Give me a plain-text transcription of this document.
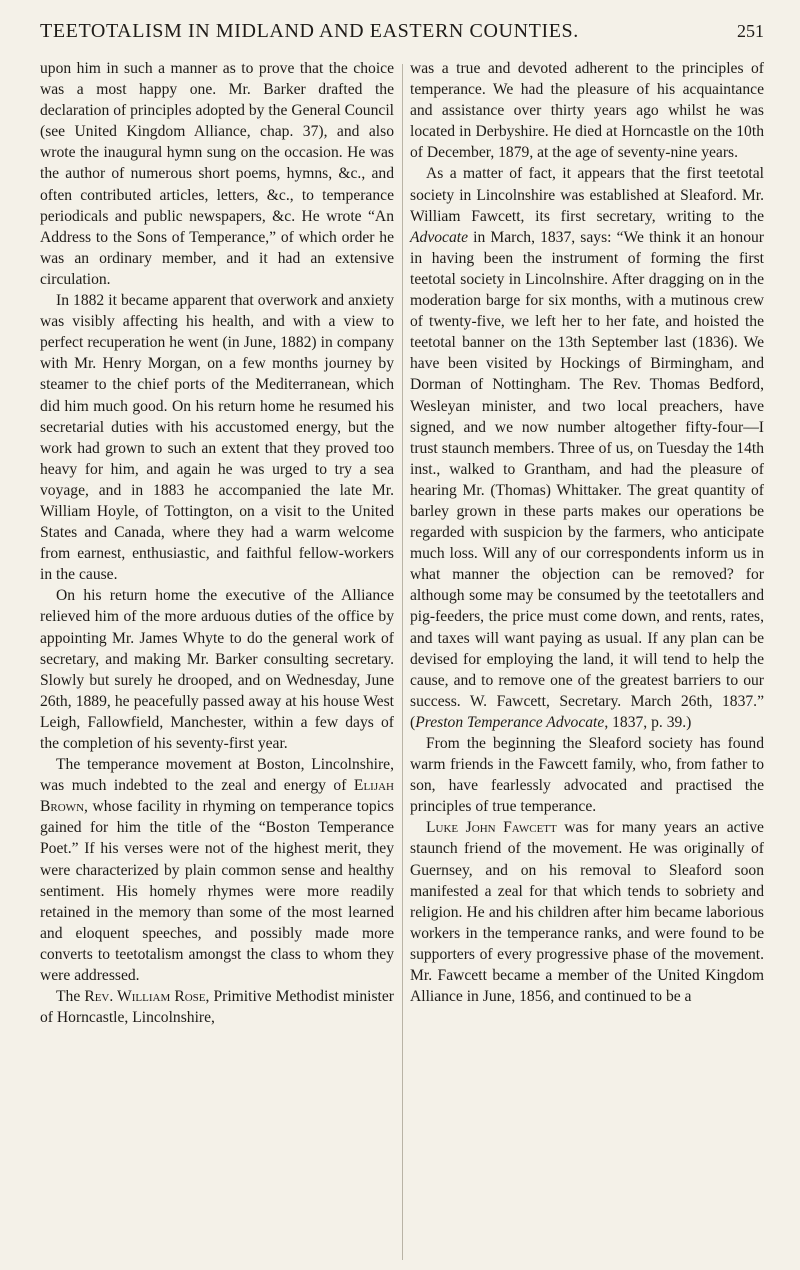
TEETOTALISM IN MIDLAND AND EASTERN COUNTIES.	251

upon him in such a manner as to prove that the choice was a most happy one. Mr. Barker drafted the declaration of principles adopted by the General Council (see United Kingdom Alliance, chap. 37), and also wrote the inaugural hymn sung on the occasion. He was the author of numerous short poems, hymns, &c., and often contributed articles, letters, &c., to temperance periodicals and public newspapers, &c. He wrote “An Address to the Sons of Temperance,” of which order he was an ordinary member, and it had an extensive circulation.

In 1882 it became apparent that overwork and anxiety was visibly affecting his health, and with a view to perfect recuperation he went (in June, 1882) in company with Mr. Henry Morgan, on a few months journey by steamer to the chief ports of the Mediterranean, which did him much good. On his return home he resumed his secretarial duties with his accustomed energy, but the work had grown to such an extent that they proved too heavy for him, and again he was urged to try a sea voyage, and in 1883 he accompanied the late Mr. William Hoyle, of Tottington, on a visit to the United States and Canada, where they had a warm welcome from earnest, enthusiastic, and faithful fellow-workers in the cause.

On his return home the executive of the Alliance relieved him of the more arduous duties of the office by appointing Mr. James Whyte to do the general work of secretary, and making Mr. Barker consulting secretary. Slowly but surely he drooped, and on Wednesday, June 26th, 1889, he peacefully passed away at his house West Leigh, Fallowfield, Manchester, within a few days of the completion of his seventy-first year.

The temperance movement at Boston, Lincolnshire, was much indebted to the zeal and energy of Elijah Brown, whose facility in rhyming on temperance topics gained for him the title of the “Boston Temperance Poet.” If his verses were not of the highest merit, they were characterized by plain common sense and healthy sentiment. His homely rhymes were more readily retained in the memory than some of the most learned and eloquent speeches, and possibly made more converts to teetotalism amongst the class to whom they were addressed.

The Rev. William Rose, Primitive Methodist minister of Horncastle, Lincolnshire,

was a true and devoted adherent to the principles of temperance. We had the pleasure of his acquaintance and assistance over thirty years ago whilst he was located in Derbyshire. He died at Horncastle on the 10th of December, 1879, at the age of seventy-nine years.

As a matter of fact, it appears that the first teetotal society in Lincolnshire was established at Sleaford. Mr. William Fawcett, its first secretary, writing to the Advocate in March, 1837, says: “We think it an honour in having been the instrument of forming the first teetotal society in Lincolnshire. After dragging on in the moderation barge for six months, with a mutinous crew of twenty-five, we left her to her fate, and hoisted the teetotal banner on the 13th September last (1836). We have been visited by Hockings of Birmingham, and Dorman of Nottingham. The Rev. Thomas Bedford, Wesleyan minister, and two local preachers, have signed, and we now number altogether fifty-four—I trust staunch members. Three of us, on Tuesday the 14th inst., walked to Grantham, and had the pleasure of hearing Mr. (Thomas) Whittaker. The great quantity of barley grown in these parts makes our operations be regarded with suspicion by the farmers, who anticipate much loss. Will any of our correspondents inform us in what manner the objection can be removed? for although some may be consumed by the teetotallers and pig-feeders, the price must come down, and rents, rates, and taxes will want paying as usual. If any plan can be devised for employing the land, it will tend to help the cause, and to remove one of the greatest barriers to our success. W. Fawcett, Secretary. March 26th, 1837.” (Preston Temperance Advocate, 1837, p. 39.)

From the beginning the Sleaford society has found warm friends in the Fawcett family, who, from father to son, have fearlessly advocated and practised the principles of true temperance.

Luke John Fawcett was for many years an active staunch friend of the movement. He was originally of Guernsey, and on his removal to Sleaford soon manifested a zeal for that which tends to sobriety and religion. He and his children after him became laborious workers in the temperance ranks, and were found to be supporters of every progressive phase of the movement. Mr. Fawcett became a member of the United Kingdom Alliance in June, 1856, and continued to be a
